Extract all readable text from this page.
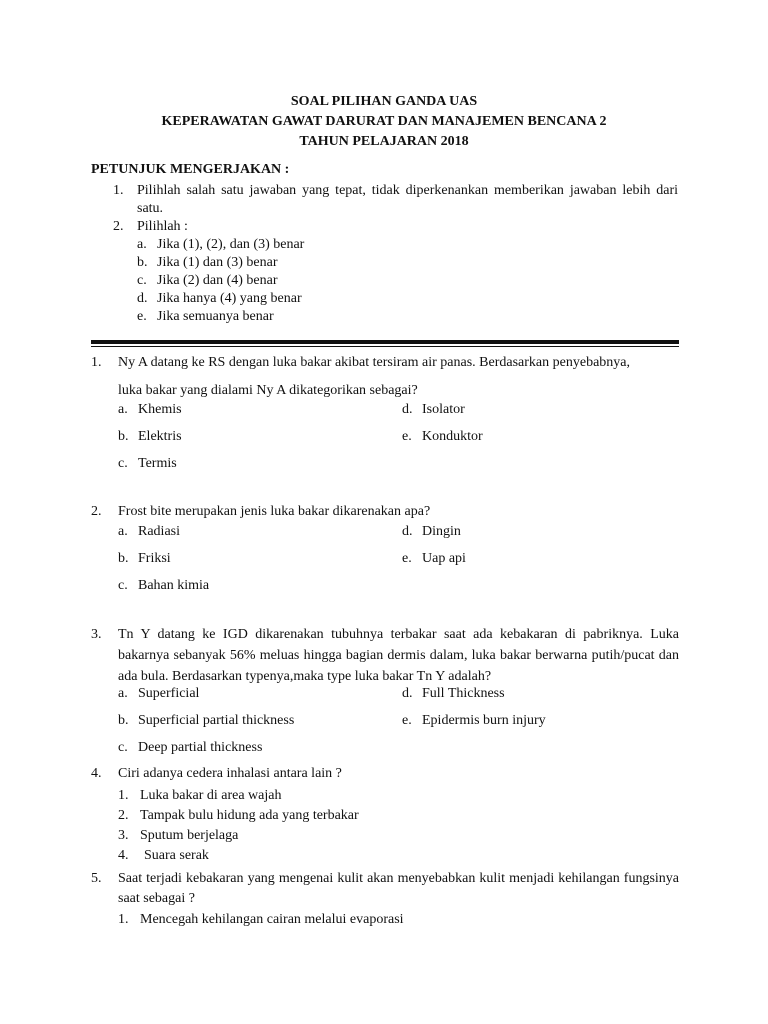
SOAL PILIHAN GANDA UAS
KEPERAWATAN GAWAT DARURAT DAN MANAJEMEN BENCANA 2
TAHUN PELAJARAN 2018
PETUNJUK MENGERJAKAN :
1. Pilihlah salah satu jawaban yang tepat, tidak diperkenankan memberikan jawaban lebih dari satu.
2. Pilihlah :
a. Jika (1), (2), dan (3) benar
b. Jika (1) dan (3) benar
c. Jika (2) dan (4) benar
d. Jika hanya (4) yang benar
e. Jika semuanya benar
1. Ny A datang ke RS dengan luka bakar akibat tersiram air panas. Berdasarkan penyebabnya,
luka bakar yang dialami Ny A dikategorikan sebagai?
a. Khemis
b. Elektris
c. Termis
d. Isolator
e. Konduktor
2. Frost bite merupakan jenis luka bakar dikarenakan apa?
a. Radiasi
b. Friksi
c. Bahan kimia
d. Dingin
e. Uap api
3. Tn Y datang ke IGD dikarenakan tubuhnya terbakar saat ada kebakaran di pabriknya. Luka bakarnya sebanyak 56% meluas hingga bagian dermis dalam, luka bakar berwarna putih/pucat dan ada bula. Berdasarkan typenya,maka type luka bakar Tn Y adalah?
a. Superficial
b. Superficial partial thickness
c. Deep partial thickness
d. Full Thickness
e. Epidermis burn injury
4. Ciri adanya cedera inhalasi antara lain ?
1. Luka bakar di area wajah
2. Tampak bulu hidung ada yang terbakar
3. Sputum berjelaga
4. Suara serak
5. Saat terjadi kebakaran yang mengenai kulit akan menyebabkan kulit menjadi kehilangan fungsinya saat sebagai ?
1. Mencegah kehilangan cairan melalui evaporasi
